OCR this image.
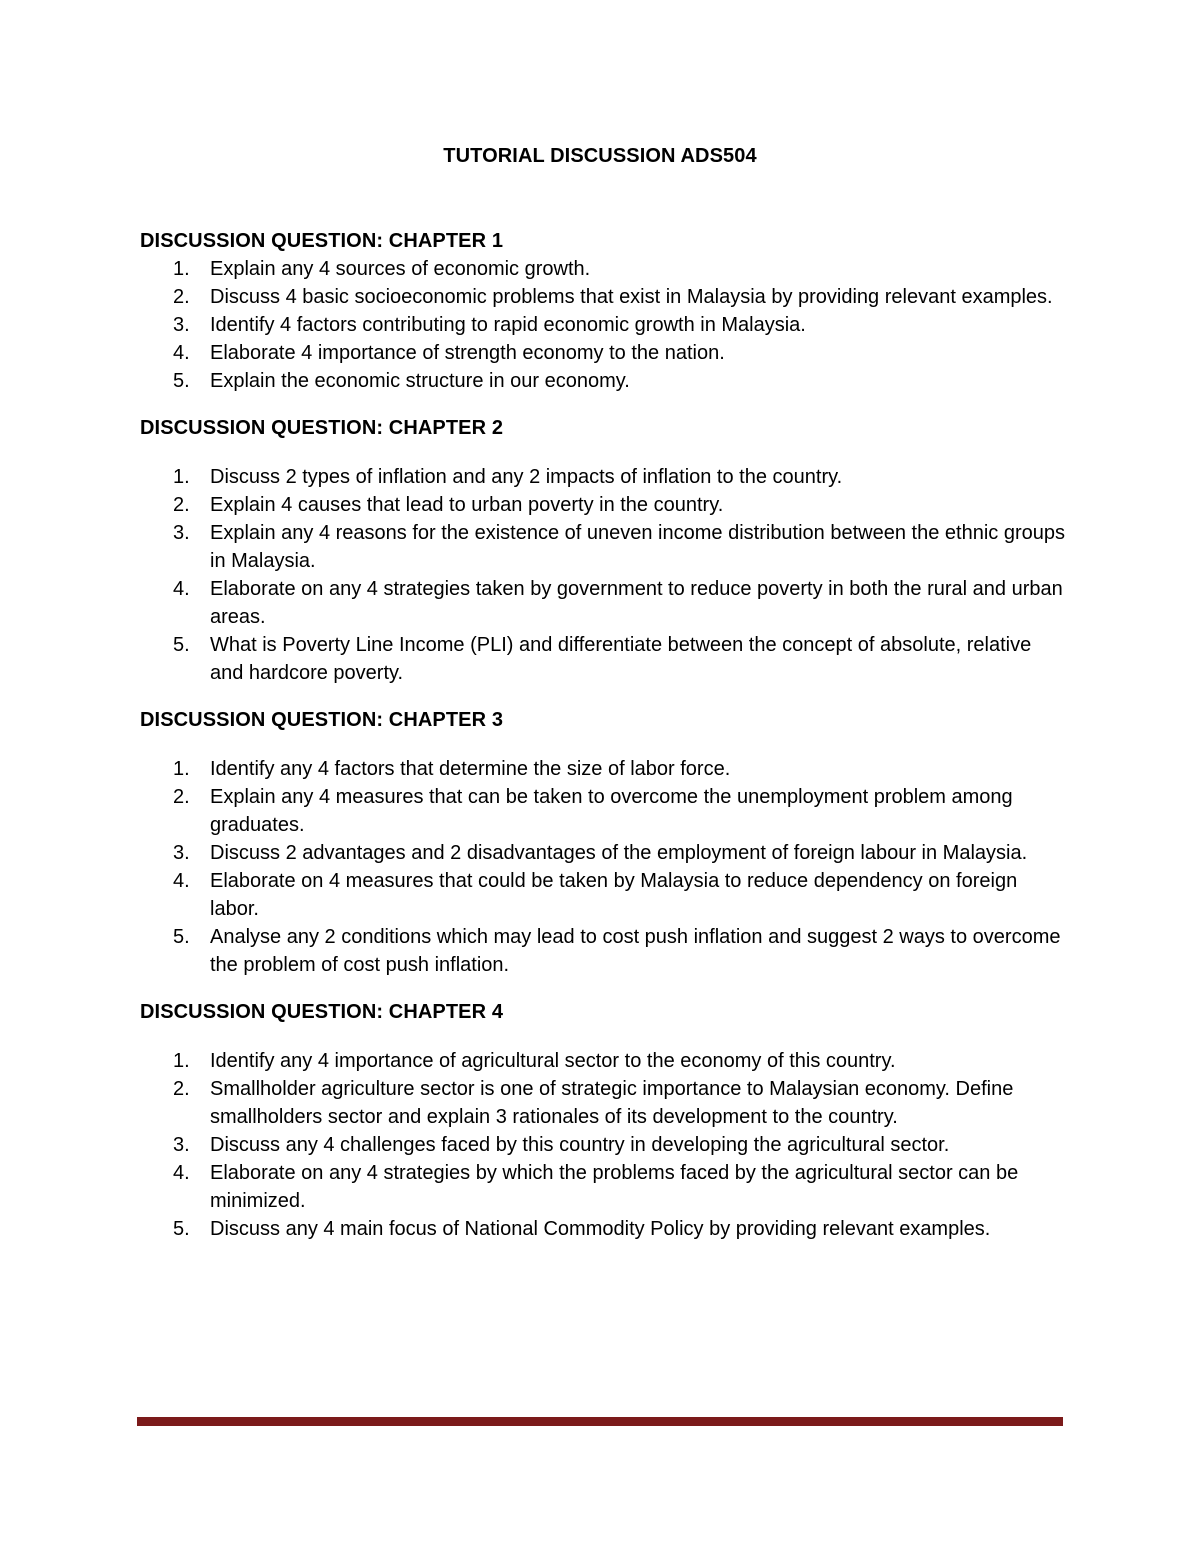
TUTORIAL DISCUSSION ADS504
DISCUSSION QUESTION: CHAPTER 1
1.	Explain any 4 sources of economic growth.
2.	Discuss 4 basic socioeconomic problems that exist in Malaysia by providing relevant examples.
3.	Identify 4 factors contributing to rapid economic growth in Malaysia.
4.	Elaborate 4 importance of strength economy to the nation.
5.	Explain the economic structure in our economy.
DISCUSSION QUESTION: CHAPTER 2
1.	Discuss 2 types of inflation and any 2 impacts of inflation to the country.
2.	Explain 4 causes that lead to urban poverty in the country.
3.	Explain any 4 reasons for the existence of uneven income distribution between the ethnic groups in Malaysia.
4.	Elaborate on any 4 strategies taken by government to reduce poverty in both the rural and urban areas.
5.	What is Poverty Line Income (PLI) and differentiate between the concept of absolute, relative and hardcore poverty.
DISCUSSION QUESTION: CHAPTER 3
1.	Identify any 4 factors that determine the size of labor force.
2.	Explain any 4 measures that can be taken to overcome the unemployment problem among graduates.
3.	Discuss 2 advantages and 2 disadvantages of the employment of foreign labour in Malaysia.
4.	Elaborate on 4 measures that could be taken by Malaysia to reduce dependency on foreign labor.
5.	Analyse any 2 conditions which may lead to cost push inflation and suggest 2 ways to overcome the problem of cost push inflation.
DISCUSSION QUESTION: CHAPTER 4
1.	Identify any 4 importance of agricultural sector to the economy of this country.
2.	Smallholder agriculture sector is one of strategic importance to Malaysian economy. Define smallholders sector and explain 3 rationales of its development to the country.
3.	Discuss any 4 challenges faced by this country in developing the agricultural sector.
4.	Elaborate on any 4 strategies by which the problems faced by the agricultural sector can be minimized.
5.	Discuss any 4 main focus of National Commodity Policy by providing relevant examples.
